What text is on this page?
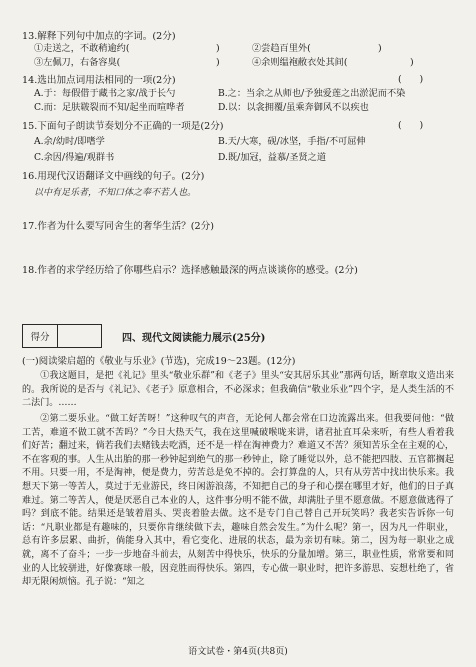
13.解释下列句中加点的字词。(2分)
①走送之，不敢稍逾约(	)	②尝趋百里外(	)
③左佩刀，右备容臭(	)	④余则缊袍敝衣处其间(	)
14.选出加点词用法相同的一项(2分)	(      )
A.于：每假借于藏书之家/战于长勺	B.之：当余之从师也/予独爱莲之出淤泥而不染
C.而：足肤皲裂而不知/起坐而喧哗者	D.以：以衾拥覆/虽乘奔御风不以疾也
15.下面句子朗读节奏划分不正确的一项是(2分)	(      )
A.余/幼时/即嗜学	B.天/大寒，砚/冰坚，手指/不可屈伸
C.余因/得遍/观群书	D.既/加冠，益慕/圣贤之道
16.用现代汉语翻译文中画线的句子。(2分)
以中有足乐者，不知口体之奉不若人也。
17.作者为什么要写同舍生的奢华生活？(2分)
18.作者的求学经历给了你哪些启示？选择感触最深的两点谈谈你的感受。(2分)
得分	四、现代文阅读能力展示(25分)
(一)阅读梁启超的《敬业与乐业》(节选)，完成19～23题。(12分)

①我这题目，是把《礼记》里头“敬业乐群”和《老子》里头“安其居乐其业”那两句话，断章取义造出来的。我所说的是否与《礼记》、《老子》原意相合，不必深求；但我确信“敬业乐业”四个字，是人类生活的不二法门。……

②第二要乐业。“做工好苦呀！”这种叹气的声音，无论何人都会常在口边流露出来。但我要问他：“做工苦，难道不做工就不苦吗？”今日大热天气，我在这里喊破喉咙来讲，诸君扯直耳朵来听，有些人看着我们好苦；翻过来，倘若我们去赌钱去吃酒，还不是一样在淘神费力？难道又不苦？须知苦乐全在主观的心，不在客观的事。人生从出胎的那一秒钟起到绝气的那一秒钟止，除了睡觉以外，总不能把四肢、五官都搁起不用。只要一用，不是淘神，便是费力，劳苦总是免不掉的。会打算盘的人，只有从劳苦中找出快乐来。我想天下第一等苦人，莫过于无业游民，终日闲游浪荡，不知把自己的身子和心摆在哪里才好，他们的日子真难过。第二等苦人，便是厌恶自己本业的人，这件事分明不能不做，却满肚子里不愿意做。不愿意做逃得了吗？到底不能。结果还是皱着眉头、哭丧着脸去做。这不是专门自己替自己开玩笑吗？我老实告诉你一句话：“凡职业都是有趣味的，只要你肯继续做下去，趣味自然会发生。”为什么呢？第一，因为凡一件职业，总有许多层累、曲折，倘能身入其中，看它变化、进展的状态，最为亲切有味。第二，因为每一职业之成就，离不了奋斗；一步一步地奋斗前去，从刻苦中得快乐，快乐的分量加增。第三，职业性质，常常要和同业的人比较骈进，好像赛球一般，因竞胜而得快乐。第四，专心做一职业时，把许多游思、妄想杜绝了，省却无限闲烦恼。孔子说：“知之

语文试卷・第4页(共8页)
